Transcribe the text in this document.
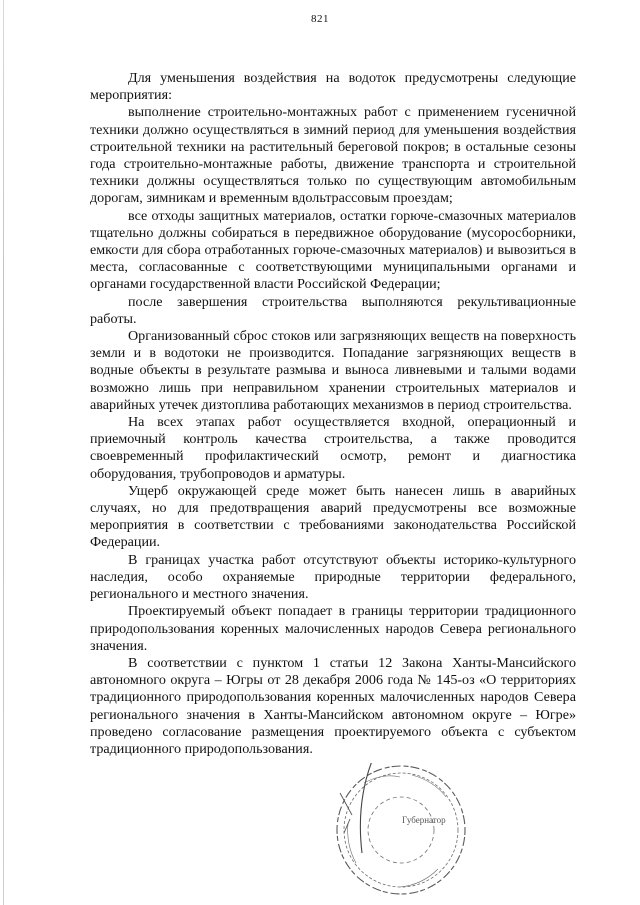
821

Для уменьшения воздействия на водоток предусмотрены следующие мероприятия:

выполнение строительно-монтажных работ с применением гусеничной техники должно осуществляться в зимний период для уменьшения воздействия строительной техники на растительный береговой покров; в остальные сезоны года строительно-монтажные работы, движение транспорта и строительной техники должны осуществляться только по существующим автомобильным дорогам, зимникам и временным вдольтрассовым проездам;

все отходы защитных материалов, остатки горюче-смазочных материалов тщательно должны собираться в передвижное оборудование (мусоросборники, емкости для сбора отработанных горюче-смазочных материалов) и вывозиться в места, согласованные с соответствующими муниципальными органами и органами государственной власти Российской Федерации;

после завершения строительства выполняются рекультивационные работы.

Организованный сброс стоков или загрязняющих веществ на поверхность земли и в водотоки не производится. Попадание загрязняющих веществ в водные объекты в результате размыва и выноса ливневыми и талыми водами возможно лишь при неправильном хранении строительных материалов и аварийных утечек дизтоплива работающих механизмов в период строительства.

На всех этапах работ осуществляется входной, операционный и приемочный контроль качества строительства, а также проводится своевременный профилактический осмотр, ремонт и диагностика оборудования, трубопроводов и арматуры.

Ущерб окружающей среде может быть нанесен лишь в аварийных случаях, но для предотвращения аварий предусмотрены все возможные мероприятия в соответствии с требованиями законодательства Российской Федерации.

В границах участка работ отсутствуют объекты историко-культурного наследия, особо охраняемые природные территории федерального, регионального и местного значения.

Проектируемый объект попадает в границы территории традиционного природопользования коренных малочисленных народов Севера регионального значения.

В соответствии с пунктом 1 статьи 12 Закона Ханты-Мансийского автономного округа – Югры от 28 декабря 2006 года № 145-оз «О территориях традиционного природопользования коренных малочисленных народов Севера регионального значения в Ханты-Мансийском автономном округе – Югре» проведено согласование размещения проектируемого объекта с субъектом традиционного природопользования.

Губернатор
